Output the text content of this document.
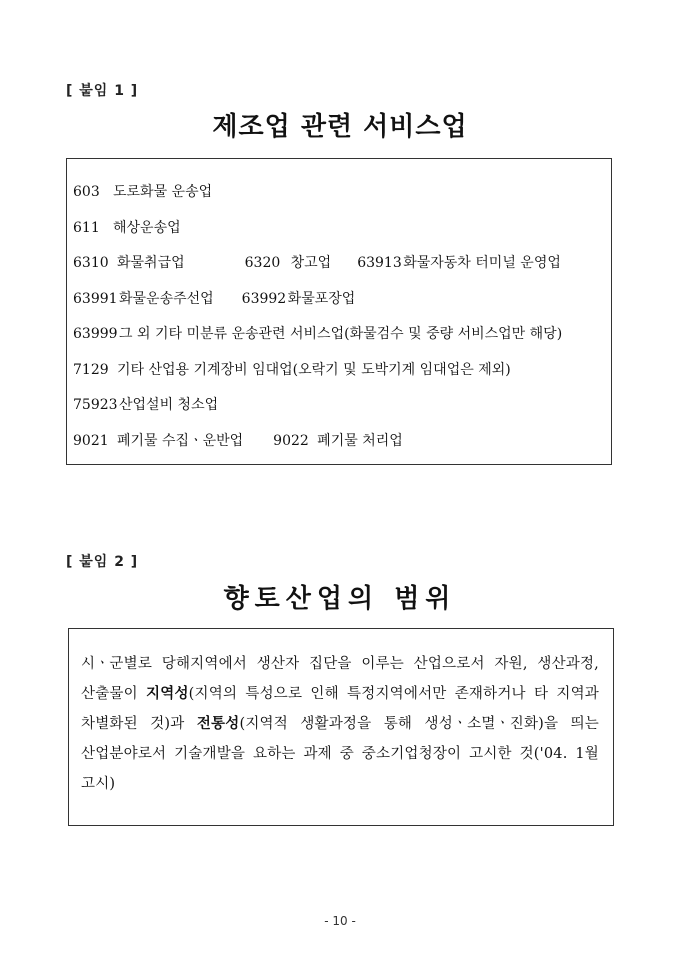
[ 붙임 1 ]
제조업 관련 서비스업
603 도로화물 운송업
611 해상운송업
6310 화물취급업	6320 창고업 63913화물자동차 터미널 운영업
63991화물운송주선업 63992화물포장업
63999그 외 기타 미분류 운송관련 서비스업(화물검수 및 중량 서비스업만 해당)
7129 기타 산업용 기계장비 임대업(오락기 및 도박기계 임대업은 제외)
75923산업설비 청소업
9021 폐기물 수집ㆍ운반업 9022 폐기물 처리업
[ 붙임 2 ]
향토산업의 범위
시ㆍ군별로 당해지역에서 생산자 집단을 이루는 산업으로서 자원, 생산과정, 산출물이 지역성(지역의 특성으로 인해 특정지역에서만 존재하거나 타 지역과 차별화된 것)과 전통성(지역적 생활과정을 통해 생성ㆍ소멸ㆍ진화)을 띄는 산업분야로서 기술개발을 요하는 과제 중 중소기업청장이 고시한 것('04. 1월 고시)
- 10 -
